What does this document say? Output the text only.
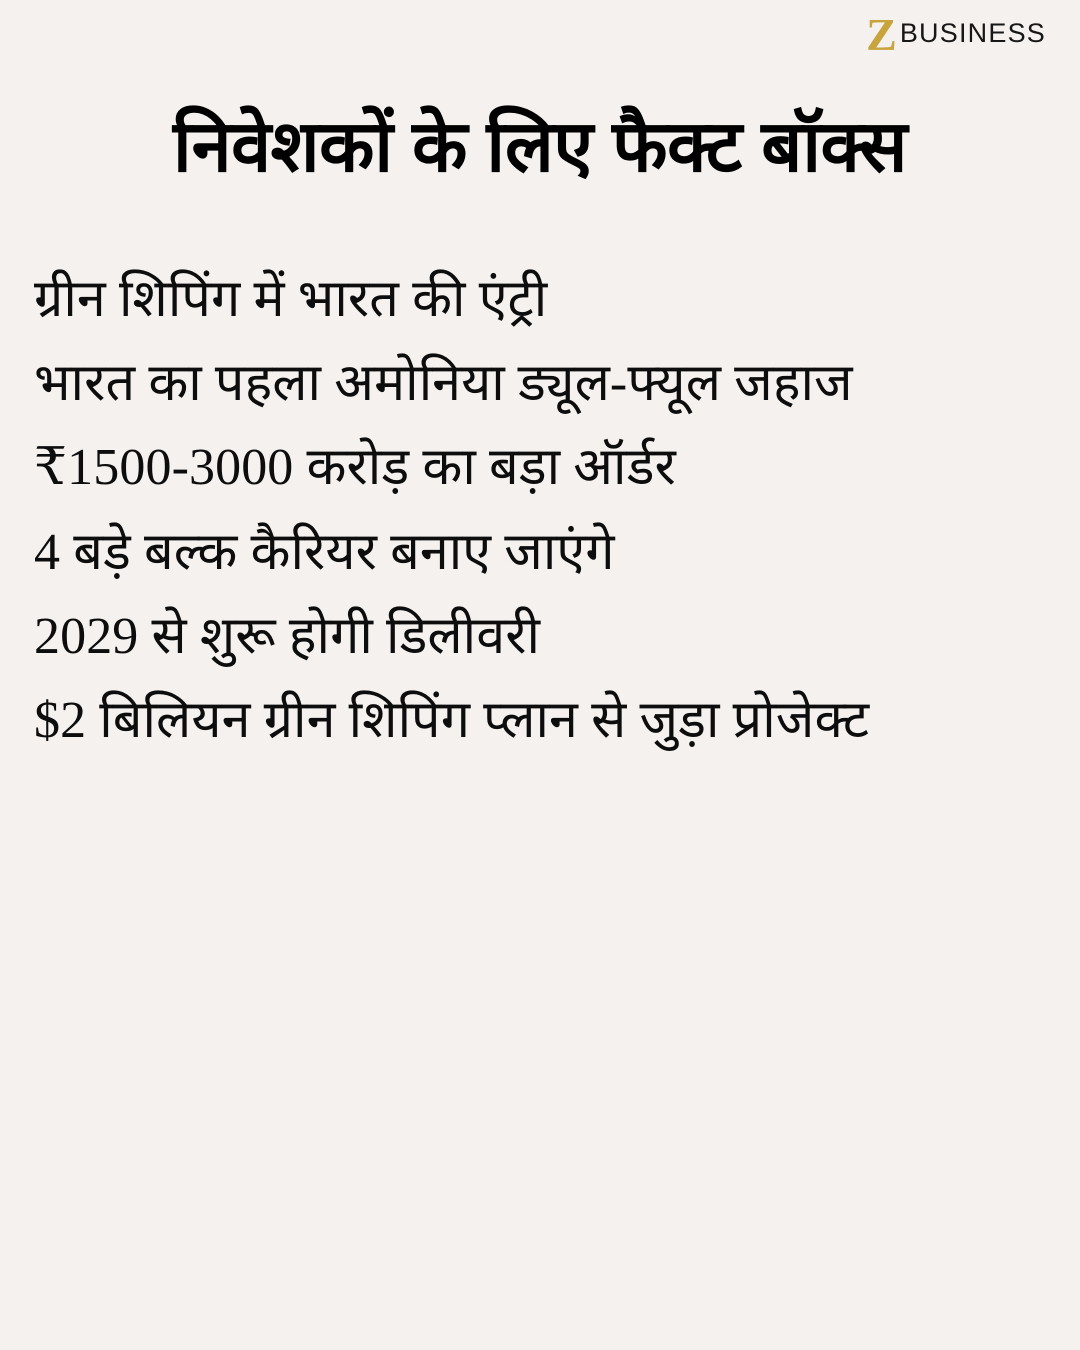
Z BUSINESS
निवेशकों के लिए फैक्ट बॉक्स
ग्रीन शिपिंग में भारत की एंट्री
भारत का पहला अमोनिया ड्यूल-फ्यूल जहाज
₹1500-3000 करोड़ का बड़ा ऑर्डर
4 बड़े बल्क कैरियर बनाए जाएंगे
2029 से शुरू होगी डिलीवरी
$2 बिलियन ग्रीन शिपिंग प्लान से जुड़ा प्रोजेक्ट
